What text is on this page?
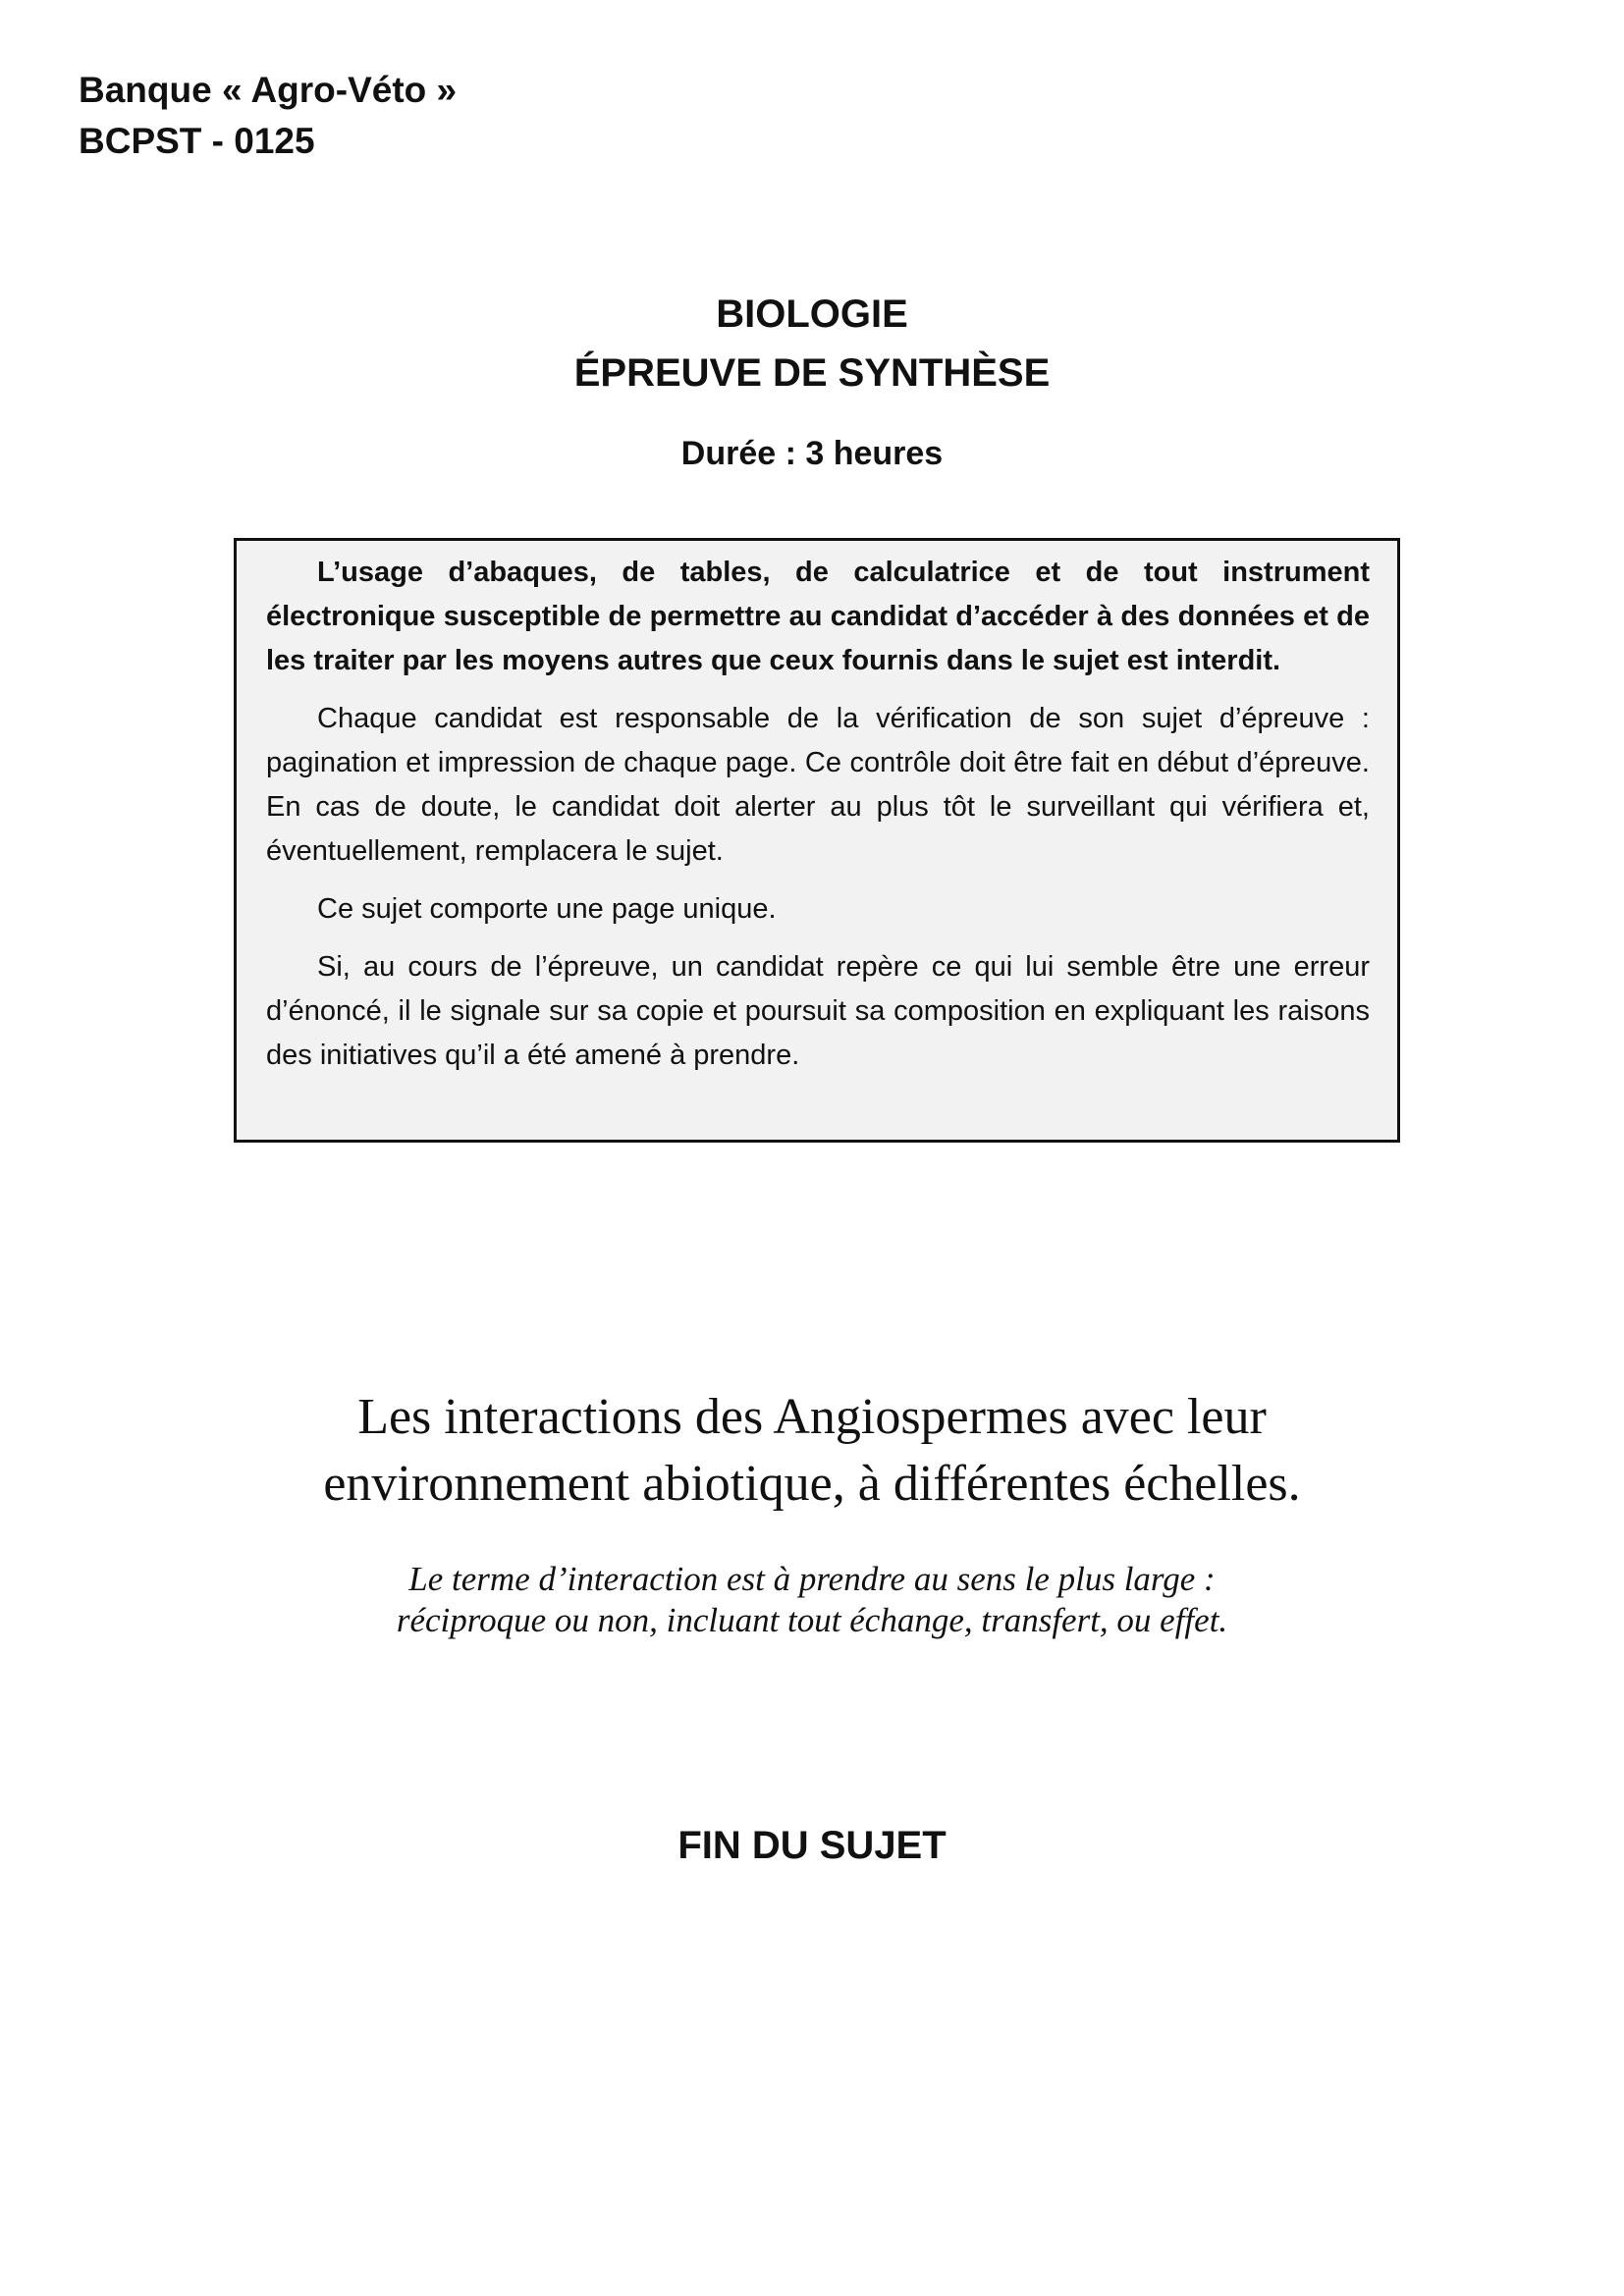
Banque « Agro-Véto »
BCPST - 0125
BIOLOGIE
ÉPREUVE DE SYNTHÈSE
Durée : 3 heures

L’usage d’abaques, de tables, de calculatrice et de tout instrument électronique susceptible de permettre au candidat d’accéder à des données et de les traiter par les moyens autres que ceux fournis dans le sujet est interdit.

Chaque candidat est responsable de la vérification de son sujet d’épreuve : pagination et impression de chaque page. Ce contrôle doit être fait en début d’épreuve. En cas de doute, le candidat doit alerter au plus tôt le surveillant qui vérifiera et, éventuellement, remplacera le sujet.

Ce sujet comporte une page unique.

Si, au cours de l’épreuve, un candidat repère ce qui lui semble être une erreur d’énoncé, il le signale sur sa copie et poursuit sa composition en expliquant les raisons des initiatives qu’il a été amené à prendre.

Les interactions des Angiospermes avec leur
environnement abiotique, à différentes échelles.
Le terme d’interaction est à prendre au sens le plus large :
réciproque ou non, incluant tout échange, transfert, ou effet.
FIN DU SUJET
